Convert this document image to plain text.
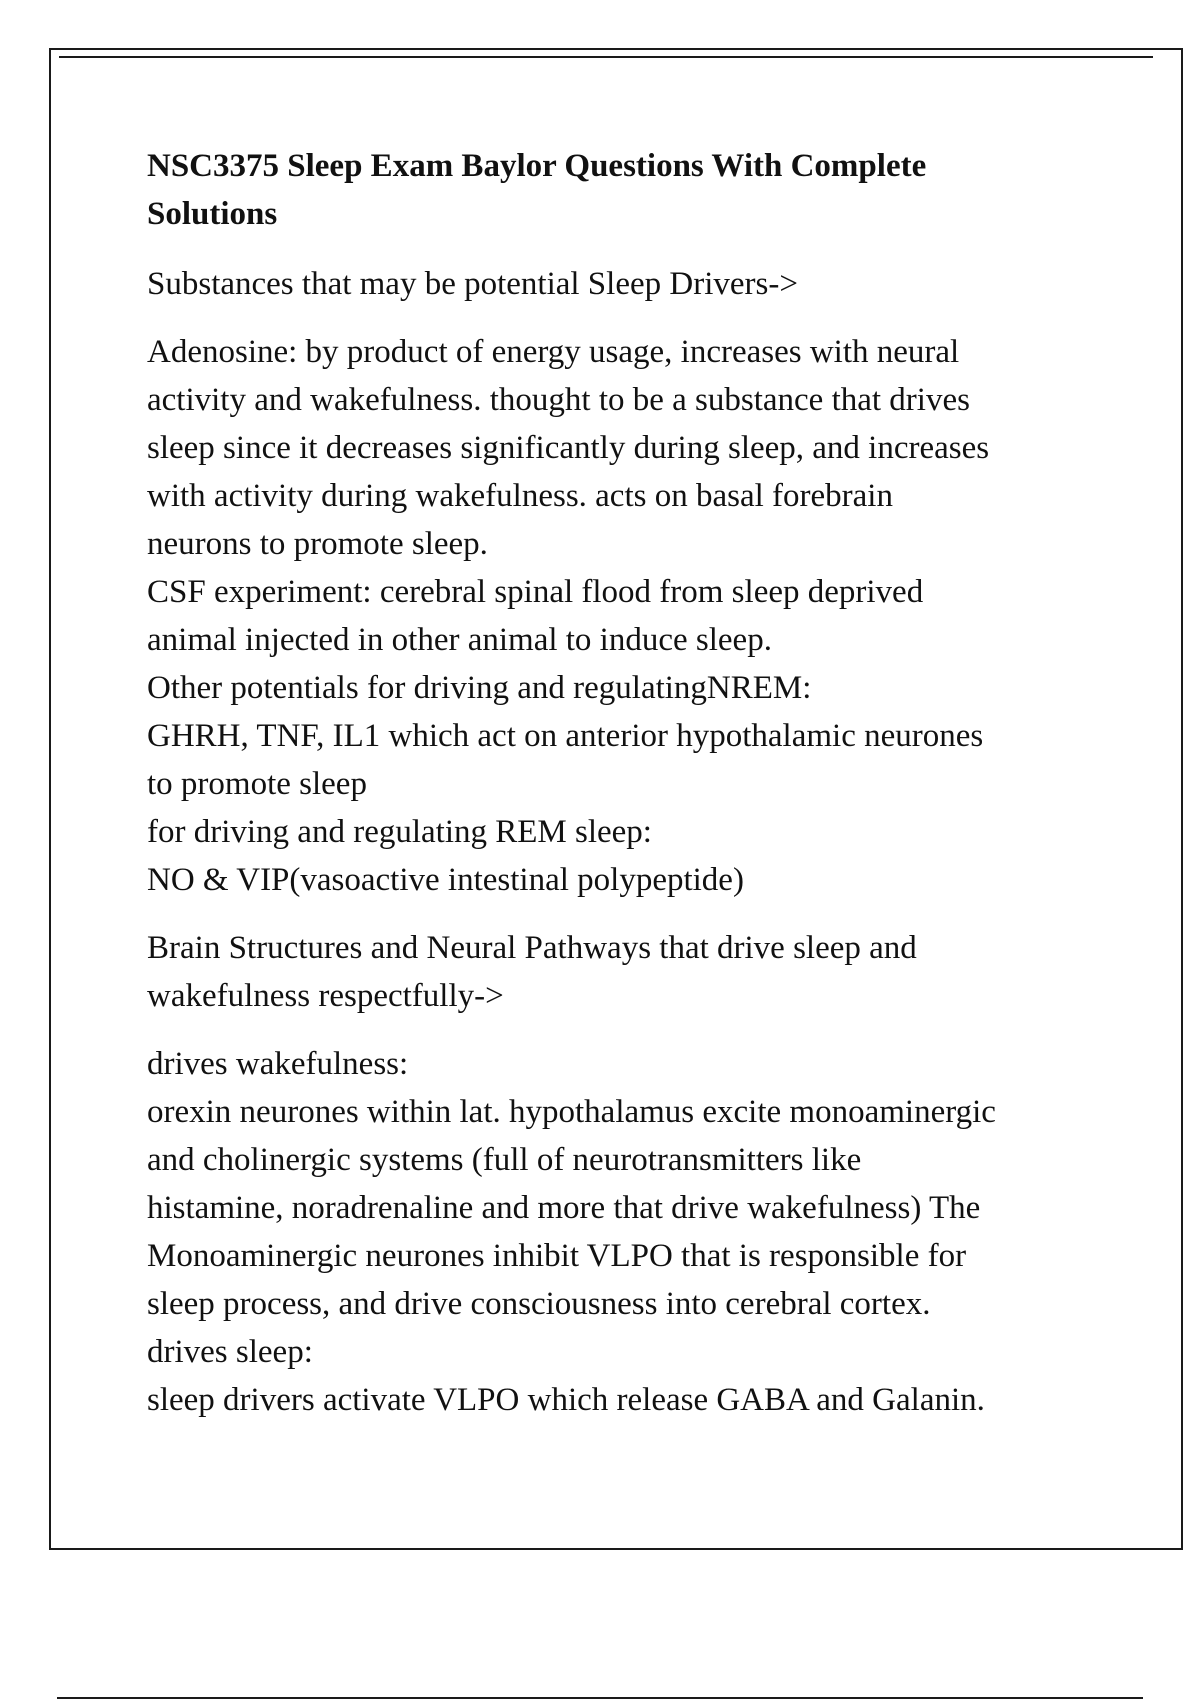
NSC3375 Sleep Exam Baylor Questions With Complete Solutions

Substances that may be potential Sleep Drivers->

Adenosine: by product of energy usage, increases with neural
activity and wakefulness. thought to be a substance that drives
sleep since it decreases significantly during sleep, and increases
with activity during wakefulness. acts on basal forebrain
neurons to promote sleep.
CSF experiment: cerebral spinal flood from sleep deprived
animal injected in other animal to induce sleep.
Other potentials for driving and regulatingNREM:
GHRH, TNF, IL1 which act on anterior hypothalamic neurones
to promote sleep
for driving and regulating REM sleep:
NO & VIP(vasoactive intestinal polypeptide)

Brain Structures and Neural Pathways that drive sleep and
wakefulness respectfully->

drives wakefulness:
orexin neurones within lat. hypothalamus excite monoaminergic
and cholinergic systems (full of neurotransmitters like
histamine, noradrenaline and more that drive wakefulness) The
Monoaminergic neurones inhibit VLPO that is responsible for
sleep process, and drive consciousness into cerebral cortex.
drives sleep:
sleep drivers activate VLPO which release GABA and Galanin.
